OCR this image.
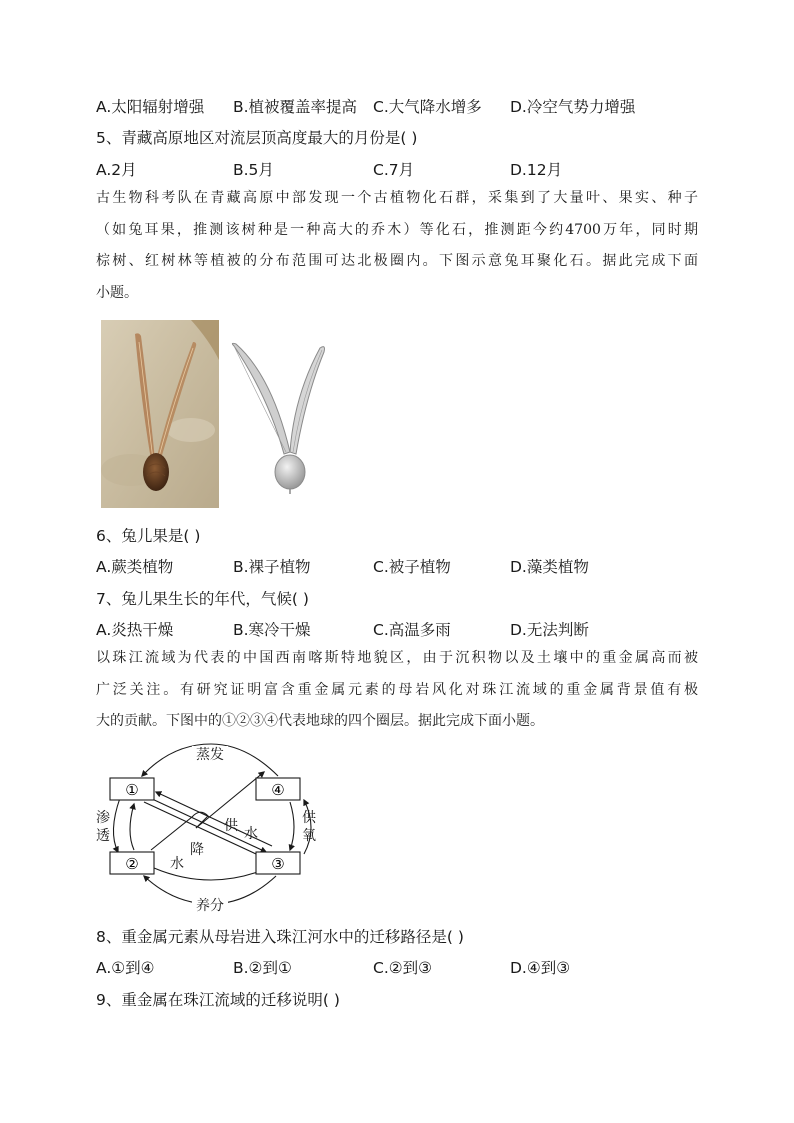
A.太阳辐射增强 B.植被覆盖率提高 C.大气降水增多 D.冷空气势力增强
5、青藏高原地区对流层顶高度最大的月份是( )
A.2月	B.5月	C.7月	D.12月
古生物科考队在青藏高原中部发现一个古植物化石群，采集到了大量叶、果实、种子
（如兔耳果，推测该树种是一种高大的乔木）等化石，推测距今约4700万年，同时期
棕树、红树林等植被的分布范围可达北极圈内。下图示意兔耳聚化石。据此完成下面
小题。
6、兔儿果是( )
A.蕨类植物	B.裸子植物	C.被子植物	D.藻类植物
7、兔儿果生长的年代，气候( )
A.炎热干燥	B.寒冷干燥	C.高温多雨	D.无法判断
以珠江流域为代表的中国西南喀斯特地貌区，由于沉积物以及土壤中的重金属高而被
广泛关注。有研究证明富含重金属元素的母岩风化对珠江流域的重金属背景值有极
大的贡献。下图中的①②③④代表地球的四个圈层。据此完成下面小题。
①	④
②	③
蒸发
渗
透
供
氧
养分
供 水
降
水
8、重金属元素从母岩进入珠江河水中的迁移路径是( )
A.①到④	B.②到①	C.②到③	D.④到③
9、重金属在珠江流域的迁移说明( )
